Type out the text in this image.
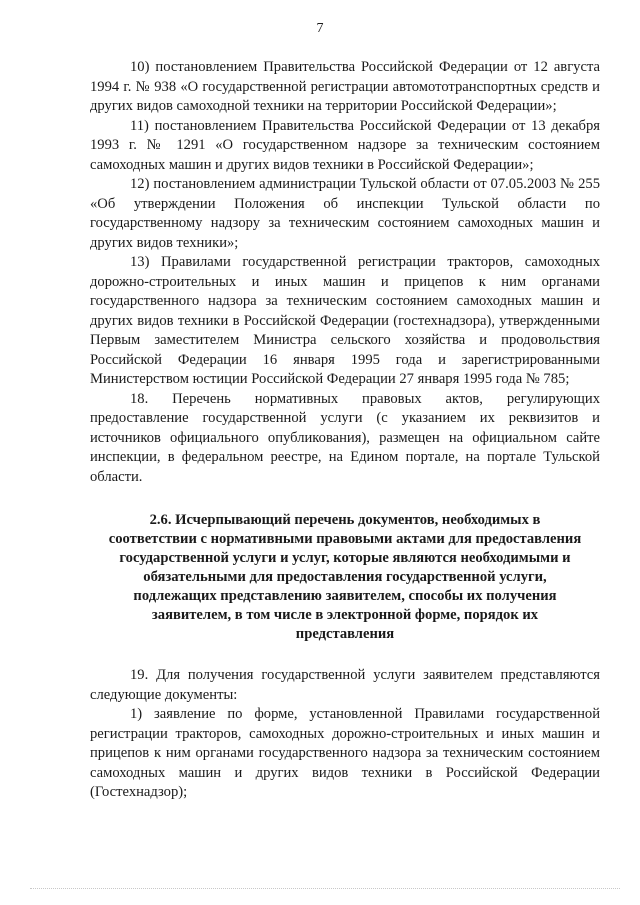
7

10) постановлением Правительства Российской Федерации от 12 августа 1994 г. № 938 «О государственной регистрации автомототранспортных средств и других видов самоходной техники на территории Российской Федерации»;

11) постановлением Правительства Российской Федерации от 13 декабря 1993 г. № 1291 «О государственном надзоре за техническим состоянием самоходных машин и других видов техники в Российской Федерации»;

12) постановлением администрации Тульской области от 07.05.2003 № 255 «Об утверждении Положения об инспекции Тульской области по государственному надзору за техническим состоянием самоходных машин и других видов техники»;

13) Правилами государственной регистрации тракторов, самоходных дорожно-строительных и иных машин и прицепов к ним органами государственного надзора за техническим состоянием самоходных машин и других видов техники в Российской Федерации (гостехнадзора), утвержденными Первым заместителем Министра сельского хозяйства и продовольствия Российской Федерации 16 января 1995 года и зарегистрированными Министерством юстиции Российской Федерации 27 января 1995 года № 785;

18. Перечень нормативных правовых актов, регулирующих предоставление государственной услуги (с указанием их реквизитов и источников официального опубликования), размещен на официальном сайте инспекции, в федеральном реестре, на Едином портале, на портале Тульской области.

2.6. Исчерпывающий перечень документов, необходимых в соответствии с нормативными правовыми актами для предоставления государственной услуги и услуг, которые являются необходимыми и обязательными для предоставления государственной услуги, подлежащих представлению заявителем, способы их получения заявителем, в том числе в электронной форме, порядок их представления

19. Для получения государственной услуги заявителем представляются следующие документы:

1) заявление по форме, установленной Правилами государственной регистрации тракторов, самоходных дорожно-строительных и иных машин и прицепов к ним органами государственного надзора за техническим состоянием самоходных машин и других видов техники в Российской Федерации (Гостехнадзор);
